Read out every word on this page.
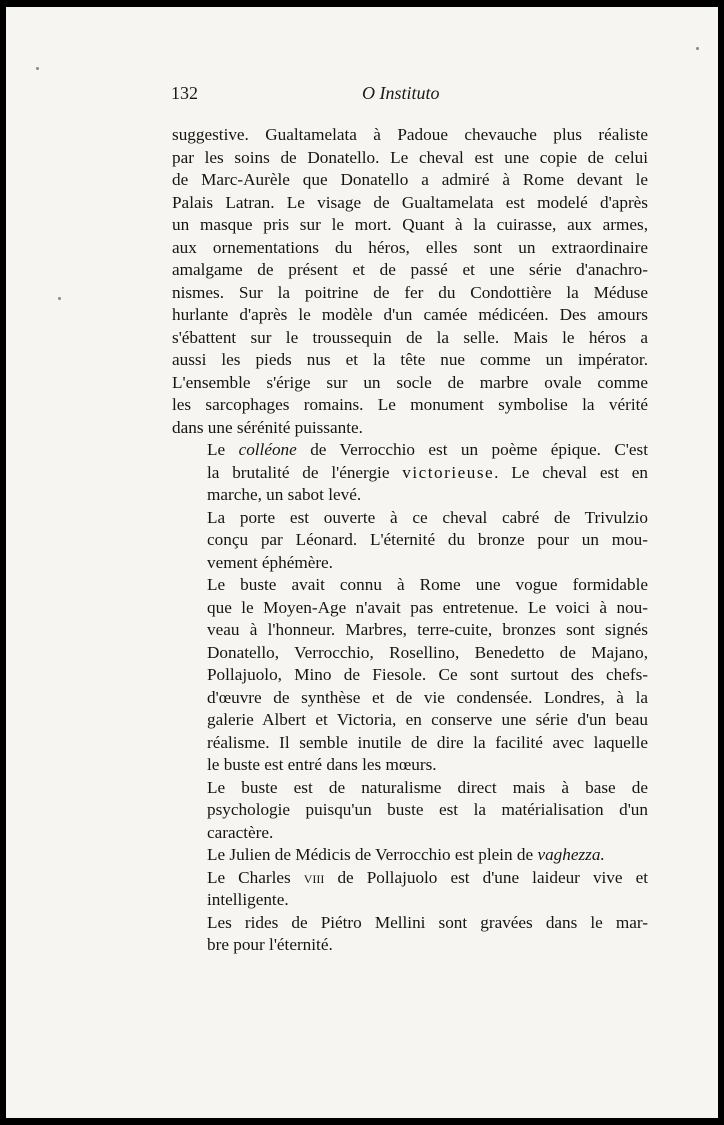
132	O Instituto

suggestive. Gualtamelata à Padoue chevauche plus réaliste
par les soins de Donatello. Le cheval est une copie de celui
de Marc-Aurèle que Donatello a admiré à Rome devant le
Palais Latran. Le visage de Gualtamelata est modelé d'après
un masque pris sur le mort. Quant à la cuirasse, aux armes,
aux ornementations du héros, elles sont un extraordinaire
amalgame de présent et de passé et une série d'anachro-
nismes. Sur la poitrine de fer du Condottière la Méduse
hurlante d'après le modèle d'un camée médicéen. Des amours
s'ébattent sur le troussequin de la selle. Mais le héros a
aussi les pieds nus et la tête nue comme un impérator.
L'ensemble s'érige sur un socle de marbre ovale comme
les sarcophages romains. Le monument symbolise la vérité
dans une sérénité puissante.

Le colléone de Verrocchio est un poème épique. C'est
la brutalité de l'énergie victorieuse. Le cheval est en
marche, un sabot levé.

La porte est ouverte à ce cheval cabré de Trivulzio
conçu par Léonard. L'éternité du bronze pour un mou-
vement éphémère.

Le buste avait connu à Rome une vogue formidable
que le Moyen-Age n'avait pas entretenue. Le voici à nou-
veau à l'honneur. Marbres, terre-cuite, bronzes sont signés
Donatello, Verrocchio, Rosellino, Benedetto de Majano,
Pollajuolo, Mino de Fiesole. Ce sont surtout des chefs-
d'œuvre de synthèse et de vie condensée. Londres, à la
galerie Albert et Victoria, en conserve une série d'un beau
réalisme. Il semble inutile de dire la facilité avec laquelle
le buste est entré dans les mœurs.

Le buste est de naturalisme direct mais à base de
psychologie puisqu'un buste est la matérialisation d'un
caractère.

Le Julien de Médicis de Verrocchio est plein de vaghezza.

Le Charles viii de Pollajuolo est d'une laideur vive et
intelligente.

Les rides de Piétro Mellini sont gravées dans le mar-
bre pour l'éternité.
